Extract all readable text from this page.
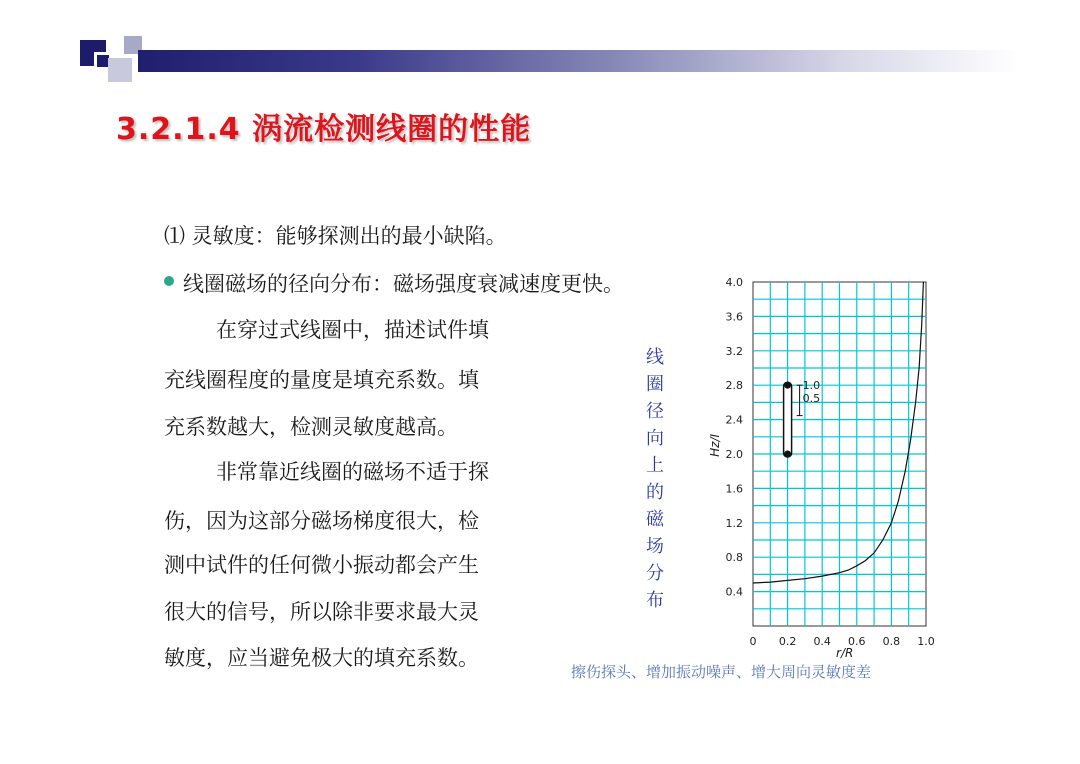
3.2.1.4 涡流检测线圈的性能
⑴ 灵敏度：能够探测出的最小缺陷。
线圈磁场的径向分布：磁场强度衰减速度更快。
在穿过式线圈中，描述试件填
充线圈程度的量度是填充系数。填
充系数越大，检测灵敏度越高。
非常靠近线圈的磁场不适于探
伤，因为这部分磁场梯度很大，检
测中试件的任何微小振动都会产生
很大的信号，所以除非要求最大灵
敏度，应当避免极大的填充系数。
线
圈
径
向
上
的
磁
场
分
布
4.0
3.6
3.2
2.8
2.4
2.0
1.6
1.2
0.8
0.4
0 0.2 0.4 0.6 0.8 1.0
r/R
Hz/I
1.0
0.5
擦伤探头、增加振动噪声、增大周向灵敏度差
